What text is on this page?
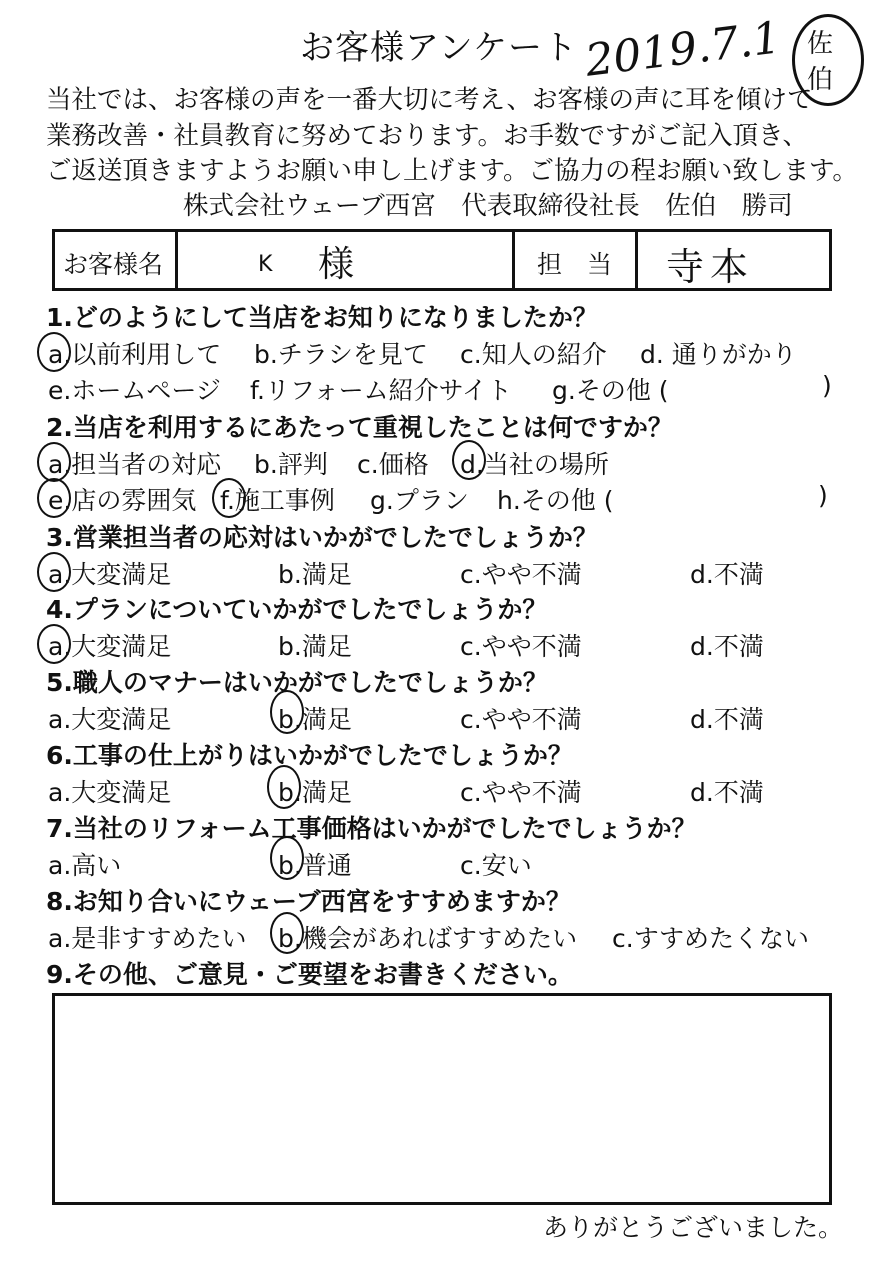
お客様アンケート 2019.7.1 佐
伯
当社では、お客様の声を一番大切に考え、お客様の声に耳を傾けて
業務改善・社員教育に努めております。お手数ですがご記入頂き、
ご返送頂きますようお願い申し上げます。ご協力の程お願い致します。
株式会社ウェーブ西宮　代表取締役社長　佐伯　勝司
お客様名	K 様	担　当 寺本
1.どのようにして当店をお知りになりましたか？
a.以前利用して b.チラシを見て c.知人の紹介 d. 通りがかり
e.ホームページ f.リフォーム紹介サイト g.その他 (	)
2.当店を利用するにあたって重視したことは何ですか？
a.担当者の対応 b.評判 c.価格 d.当社の場所
e.店の雰囲気 f.施工事例 g.プラン h.その他 (	)
3.営業担当者の応対はいかがでしたでしょうか？
a.大変満足	b.満足	c.やや不満	d.不満
4.プランについていかがでしたでしょうか？
a.大変満足	b.満足	c.やや不満	d.不満
5.職人のマナーはいかがでしたでしょうか？
a.大変満足	b.満足	c.やや不満	d.不満
6.工事の仕上がりはいかがでしたでしょうか？
a.大変満足	b.満足	c.やや不満	d.不満
7.当社のリフォーム工事価格はいかがでしたでしょうか？
a.高い	b.普通	c.安い
8.お知り合いにウェーブ西宮をすすめますか？
a.是非すすめたい b.機会があればすすめたい c.すすめたくない
9.その他、ご意見・ご要望をお書きください。
ありがとうございました。
